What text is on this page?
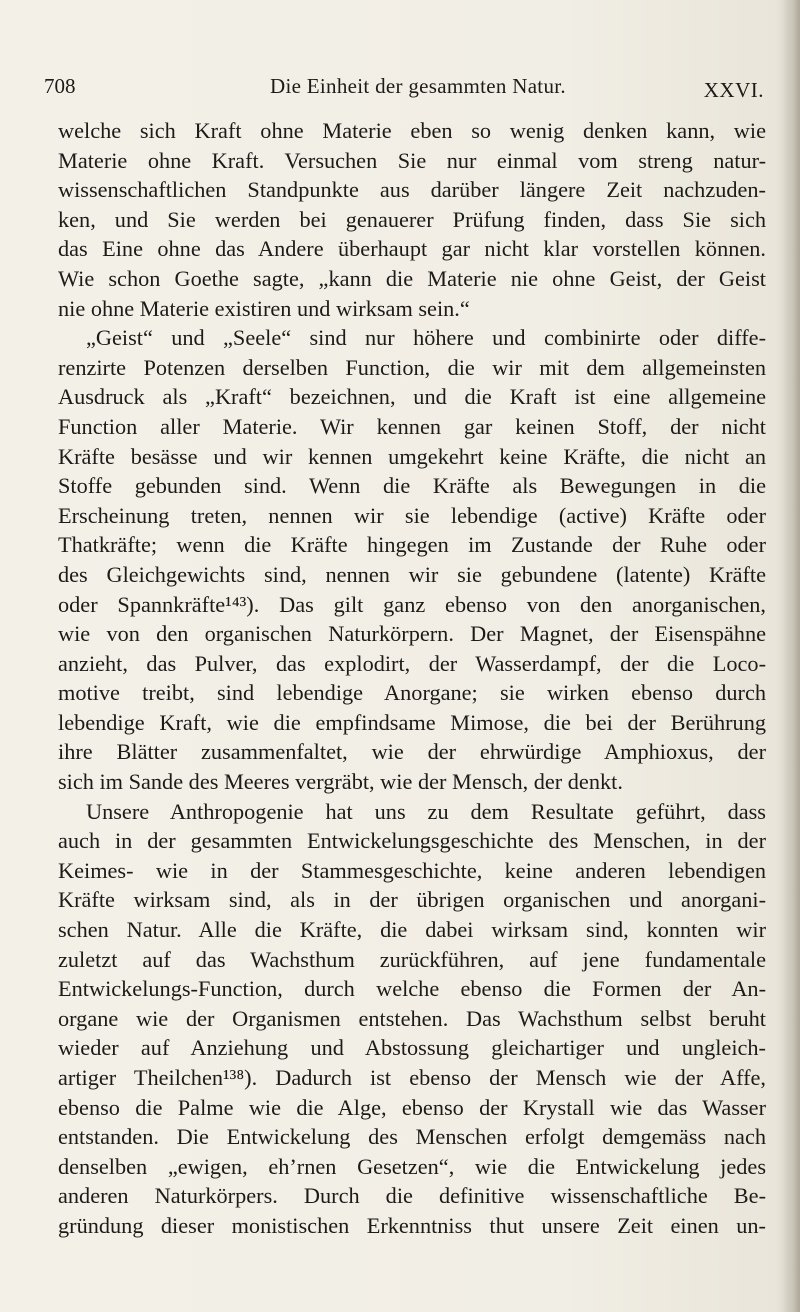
708	Die Einheit der gesammten Natur.	XXVI.
welche sich Kraft ohne Materie eben so wenig denken kann, wie
Materie ohne Kraft. Versuchen Sie nur einmal vom streng natur-
wissenschaftlichen Standpunkte aus darüber längere Zeit nachzuden-
ken, und Sie werden bei genauerer Prüfung finden, dass Sie sich
das Eine ohne das Andere überhaupt gar nicht klar vorstellen können.
Wie schon Goethe sagte, „kann die Materie nie ohne Geist, der Geist
nie ohne Materie existiren und wirksam sein.“
„Geist“ und „Seele“ sind nur höhere und combinirte oder diffe-
renzirte Potenzen derselben Function, die wir mit dem allgemeinsten
Ausdruck als „Kraft“ bezeichnen, und die Kraft ist eine allgemeine
Function aller Materie. Wir kennen gar keinen Stoff, der nicht
Kräfte besässe und wir kennen umgekehrt keine Kräfte, die nicht an
Stoffe gebunden sind. Wenn die Kräfte als Bewegungen in die
Erscheinung treten, nennen wir sie lebendige (active) Kräfte oder
Thatkräfte; wenn die Kräfte hingegen im Zustande der Ruhe oder
des Gleichgewichts sind, nennen wir sie gebundene (latente) Kräfte
oder Spannkräfte¹⁴³). Das gilt ganz ebenso von den anorganischen,
wie von den organischen Naturkörpern. Der Magnet, der Eisenspähne
anzieht, das Pulver, das explodirt, der Wasserdampf, der die Loco-
motive treibt, sind lebendige Anorgane; sie wirken ebenso durch
lebendige Kraft, wie die empfindsame Mimose, die bei der Berührung
ihre Blätter zusammenfaltet, wie der ehrwürdige Amphioxus, der
sich im Sande des Meeres vergräbt, wie der Mensch, der denkt.
Unsere Anthropogenie hat uns zu dem Resultate geführt, dass
auch in der gesammten Entwickelungsgeschichte des Menschen, in der
Keimes- wie in der Stammesgeschichte, keine anderen lebendigen
Kräfte wirksam sind, als in der übrigen organischen und anorgani-
schen Natur. Alle die Kräfte, die dabei wirksam sind, konnten wir
zuletzt auf das Wachsthum zurückführen, auf jene fundamentale
Entwickelungs-Function, durch welche ebenso die Formen der An-
organe wie der Organismen entstehen. Das Wachsthum selbst beruht
wieder auf Anziehung und Abstossung gleichartiger und ungleich-
artiger Theilchen¹³⁸). Dadurch ist ebenso der Mensch wie der Affe,
ebenso die Palme wie die Alge, ebenso der Krystall wie das Wasser
entstanden. Die Entwickelung des Menschen erfolgt demgemäss nach
denselben „ewigen, eh’rnen Gesetzen“, wie die Entwickelung jedes
anderen Naturkörpers. Durch die definitive wissenschaftliche Be-
gründung dieser monistischen Erkenntniss thut unsere Zeit einen un-
